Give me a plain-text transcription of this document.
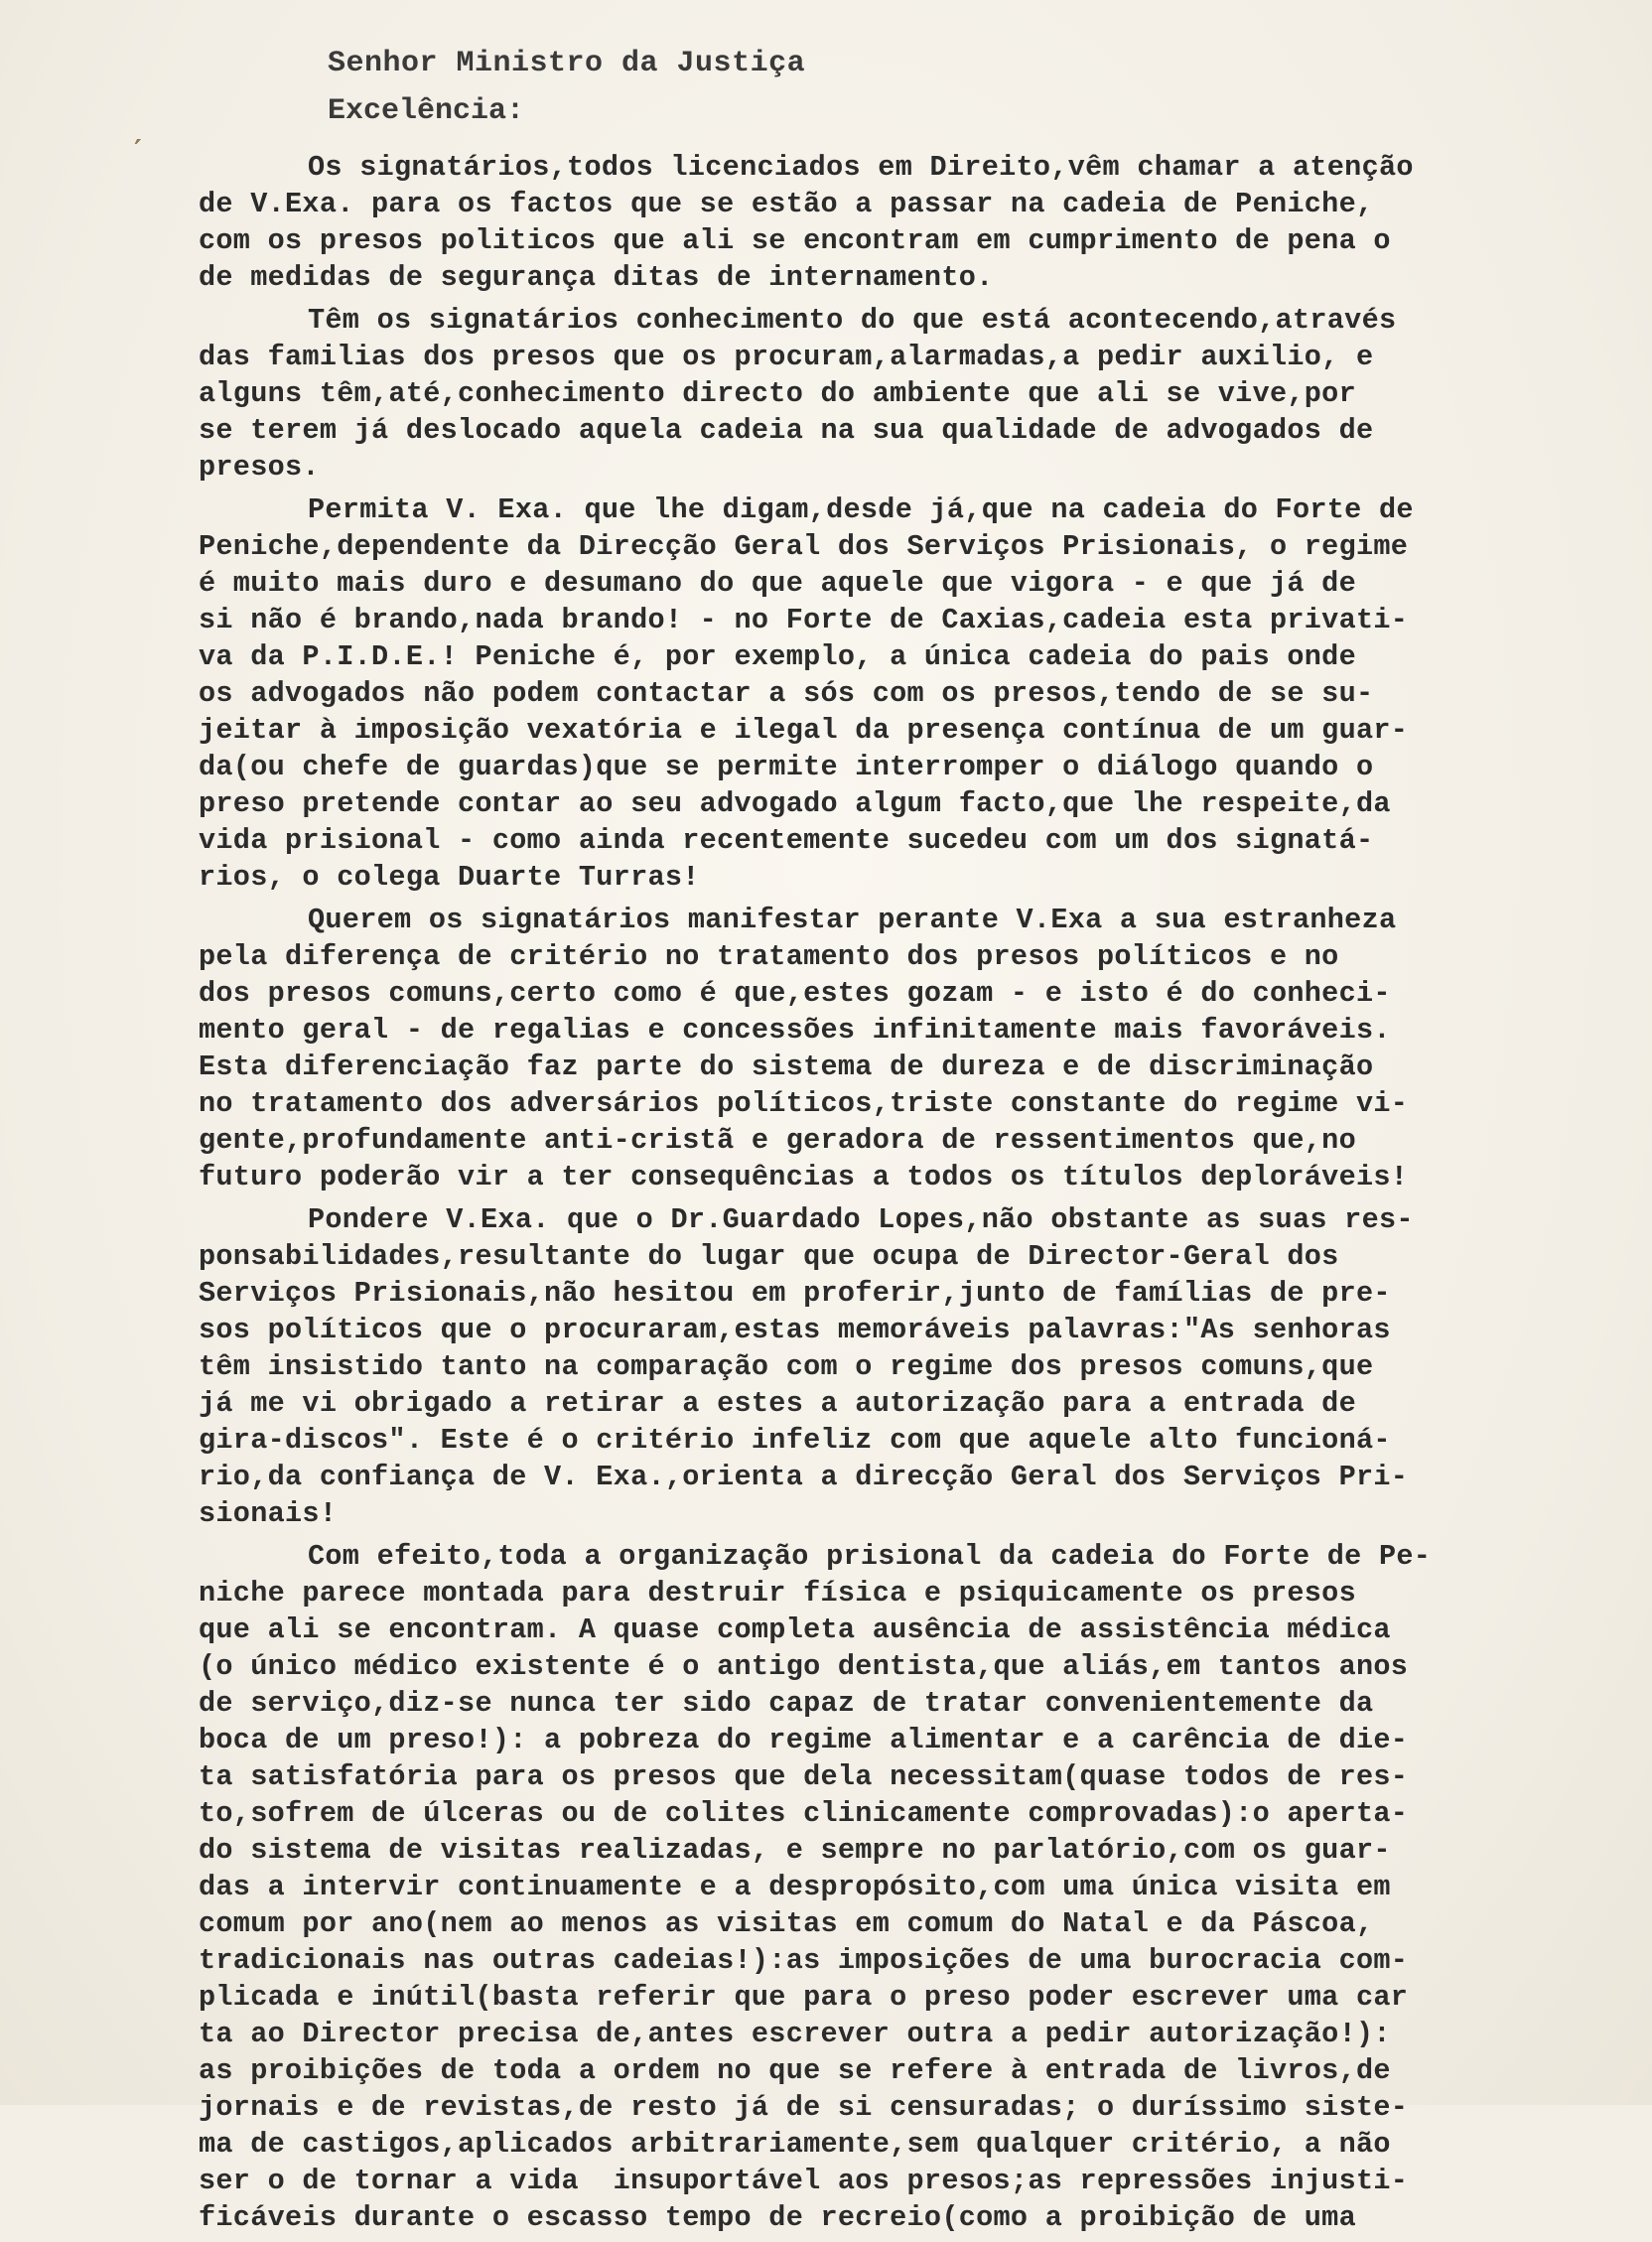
ˏ
Senhor Ministro da Justiça
Excelência:
Os signatários,todos licenciados em Direito,vêm chamar a atenção
de V.Exa. para os factos que se estão a passar na cadeia de Peniche,
com os presos politicos que ali se encontram em cumprimento de pena o
de medidas de segurança ditas de internamento.
Têm os signatários conhecimento do que está acontecendo,através
das familias dos presos que os procuram,alarmadas,a pedir auxilio, e
alguns têm,até,conhecimento directo do ambiente que ali se vive,por
se terem já deslocado aquela cadeia na sua qualidade de advogados de
presos.
Permita V. Exa. que lhe digam,desde já,que na cadeia do Forte de
Peniche,dependente da Direcção Geral dos Serviços Prisionais, o regime
é muito mais duro e desumano do que aquele que vigora - e que já de
si não é brando,nada brando! - no Forte de Caxias,cadeia esta privati-
va da P.I.D.E.! Peniche é, por exemplo, a única cadeia do pais onde
os advogados não podem contactar a sós com os presos,tendo de se su-
jeitar à imposição vexatória e ilegal da presença contínua de um guar-
da(ou chefe de guardas)que se permite interromper o diálogo quando o
preso pretende contar ao seu advogado algum facto,que lhe respeite,da
vida prisional - como ainda recentemente sucedeu com um dos signatá-
rios, o colega Duarte Turras!
Querem os signatários manifestar perante V.Exa a sua estranheza
pela diferença de critério no tratamento dos presos políticos e no
dos presos comuns,certo como é que,estes gozam - e isto é do conheci-
mento geral - de regalias e concessões infinitamente mais favoráveis.
Esta diferenciação faz parte do sistema de dureza e de discriminação
no tratamento dos adversários políticos,triste constante do regime vi-
gente,profundamente anti-cristã e geradora de ressentimentos que,no
futuro poderão vir a ter consequências a todos os títulos deploráveis!
Pondere V.Exa. que o Dr.Guardado Lopes,não obstante as suas res-
ponsabilidades,resultante do lugar que ocupa de Director-Geral dos
Serviços Prisionais,não hesitou em proferir,junto de famílias de pre-
sos políticos que o procuraram,estas memoráveis palavras:"As senhoras
têm insistido tanto na comparação com o regime dos presos comuns,que
já me vi obrigado a retirar a estes a autorização para a entrada de
gira-discos". Este é o critério infeliz com que aquele alto funcioná-
rio,da confiança de V. Exa.,orienta a direcção Geral dos Serviços Pri-
sionais!
Com efeito,toda a organização prisional da cadeia do Forte de Pe-
niche parece montada para destruir física e psiquicamente os presos
que ali se encontram. A quase completa ausência de assistência médica
(o único médico existente é o antigo dentista,que aliás,em tantos anos
de serviço,diz-se nunca ter sido capaz de tratar convenientemente da
boca de um preso!): a pobreza do regime alimentar e a carência de die-
ta satisfatória para os presos que dela necessitam(quase todos de res-
to,sofrem de úlceras ou de colites clinicamente comprovadas):o aperta-
do sistema de visitas realizadas, e sempre no parlatório,com os guar-
das a intervir continuamente e a despropósito,com uma única visita em
comum por ano(nem ao menos as visitas em comum do Natal e da Páscoa,
tradicionais nas outras cadeias!):as imposições de uma burocracia com-
plicada e inútil(basta referir que para o preso poder escrever uma car
ta ao Director precisa de,antes escrever outra a pedir autorização!):
as proibições de toda a ordem no que se refere à entrada de livros,de
jornais e de revistas,de resto já de si censuradas; o duríssimo siste-
ma de castigos,aplicados arbitrariamente,sem qualquer critério, a não
ser o de tornar a vida  insuportável aos presos;as repressões injusti-
ficáveis durante o escasso tempo de recreio(como a proibição de uma
